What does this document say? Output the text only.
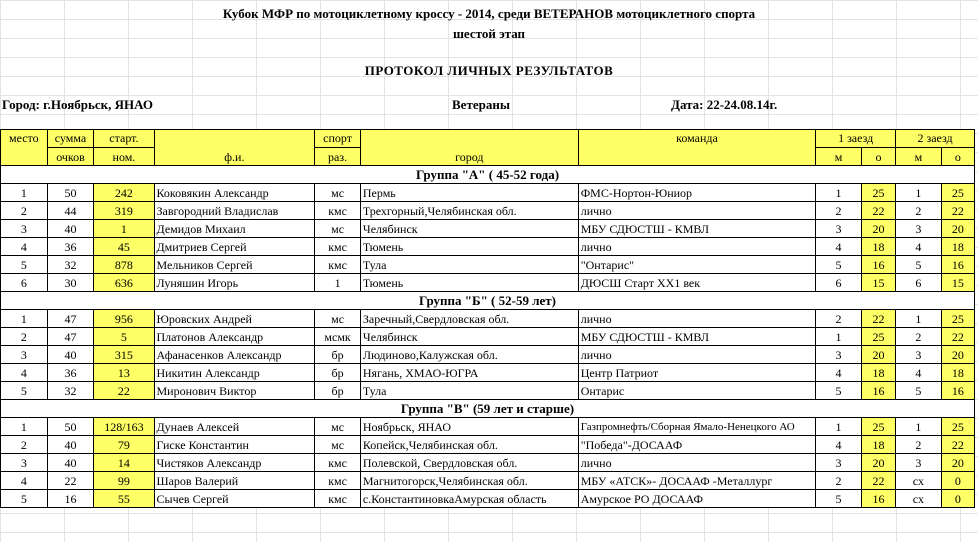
Кубок МФР по мотоциклетному кроссу - 2014, среди ВЕТЕРАНОВ мотоциклетного спорта
шестой этап
ПРОТОКОЛ ЛИЧНЫХ РЕЗУЛЬТАТОВ
Город: г.Ноябрьск, ЯНАО	Ветераны	Дата: 22-24.08.14г.
место	сумма	старт.	ф.и.	спорт	город	команда	1 заезд		2 заезд	
	очков	ном.		раз.			м	о	м	о
Группа "А" ( 45-52 года)										
1	50	242	Коковякин Александр	мс	Пермь	ФМС-Нортон-Юниор	1	25	1	25
2	44	319	Завгородний Владислав	кмс	Трехгорный,Челябинская обл.	лично	2	22	2	22
3	40	1	Демидов Михаил	мс	Челябинск	МБУ СДЮСТШ - КМВЛ	3	20	3	20
4	36	45	Дмитриев Сергей	кмс	Тюмень	лично	4	18	4	18
5	32	878	Мельников Сергей	кмс	Тула	"Онтарис"	5	16	5	16
6	30	636	Луняшин Игорь	1	Тюмень	ДЮСШ Старт XX1 век	6	15	6	15
Группа "Б" ( 52-59 лет)										
1	47	956	Юровских Андрей	мс	Заречный,Свердловская обл.	лично	2	22	1	25
2	47	5	Платонов Александр	мсмк	Челябинск	МБУ СДЮСТШ - КМВЛ	1	25	2	22
3	40	315	Афанасенков Александр	бр	Людиново,Калужская обл.	лично	3	20	3	20
4	36	13	Никитин Александр	бр	Нягань, ХМАО-ЮГРА	Центр Патриот	4	18	4	18
5	32	22	Миронович Виктор	бр	Тула	Онтарис	5	16	5	16
Группа "В" (59 лет и старше)										
1	50	128/163	Дунаев Алексей	мс	Ноябрьск, ЯНАО	Газпромнефть/Сборная Ямало-Ненецкого АО	1	25	1	25
2	40	79	Гиске Константин	мс	Копейск,Челябинская обл.	"Победа"-ДОСААФ	4	18	2	22
3	40	14	Чистяков Александр	кмс	Полевской, Свердловская обл.	лично	3	20	3	20
4	22	99	Шаров Валерий	кмс	Магнитогорск,Челябинская обл.	МБУ «АТСК»- ДОСААФ -Металлург	2	22	сх	0
5	16	55	Сычев Сергей	кмс	с.КонстантиновкаАмурская область	Амурское РО ДОСААФ	5	16	сх	0
